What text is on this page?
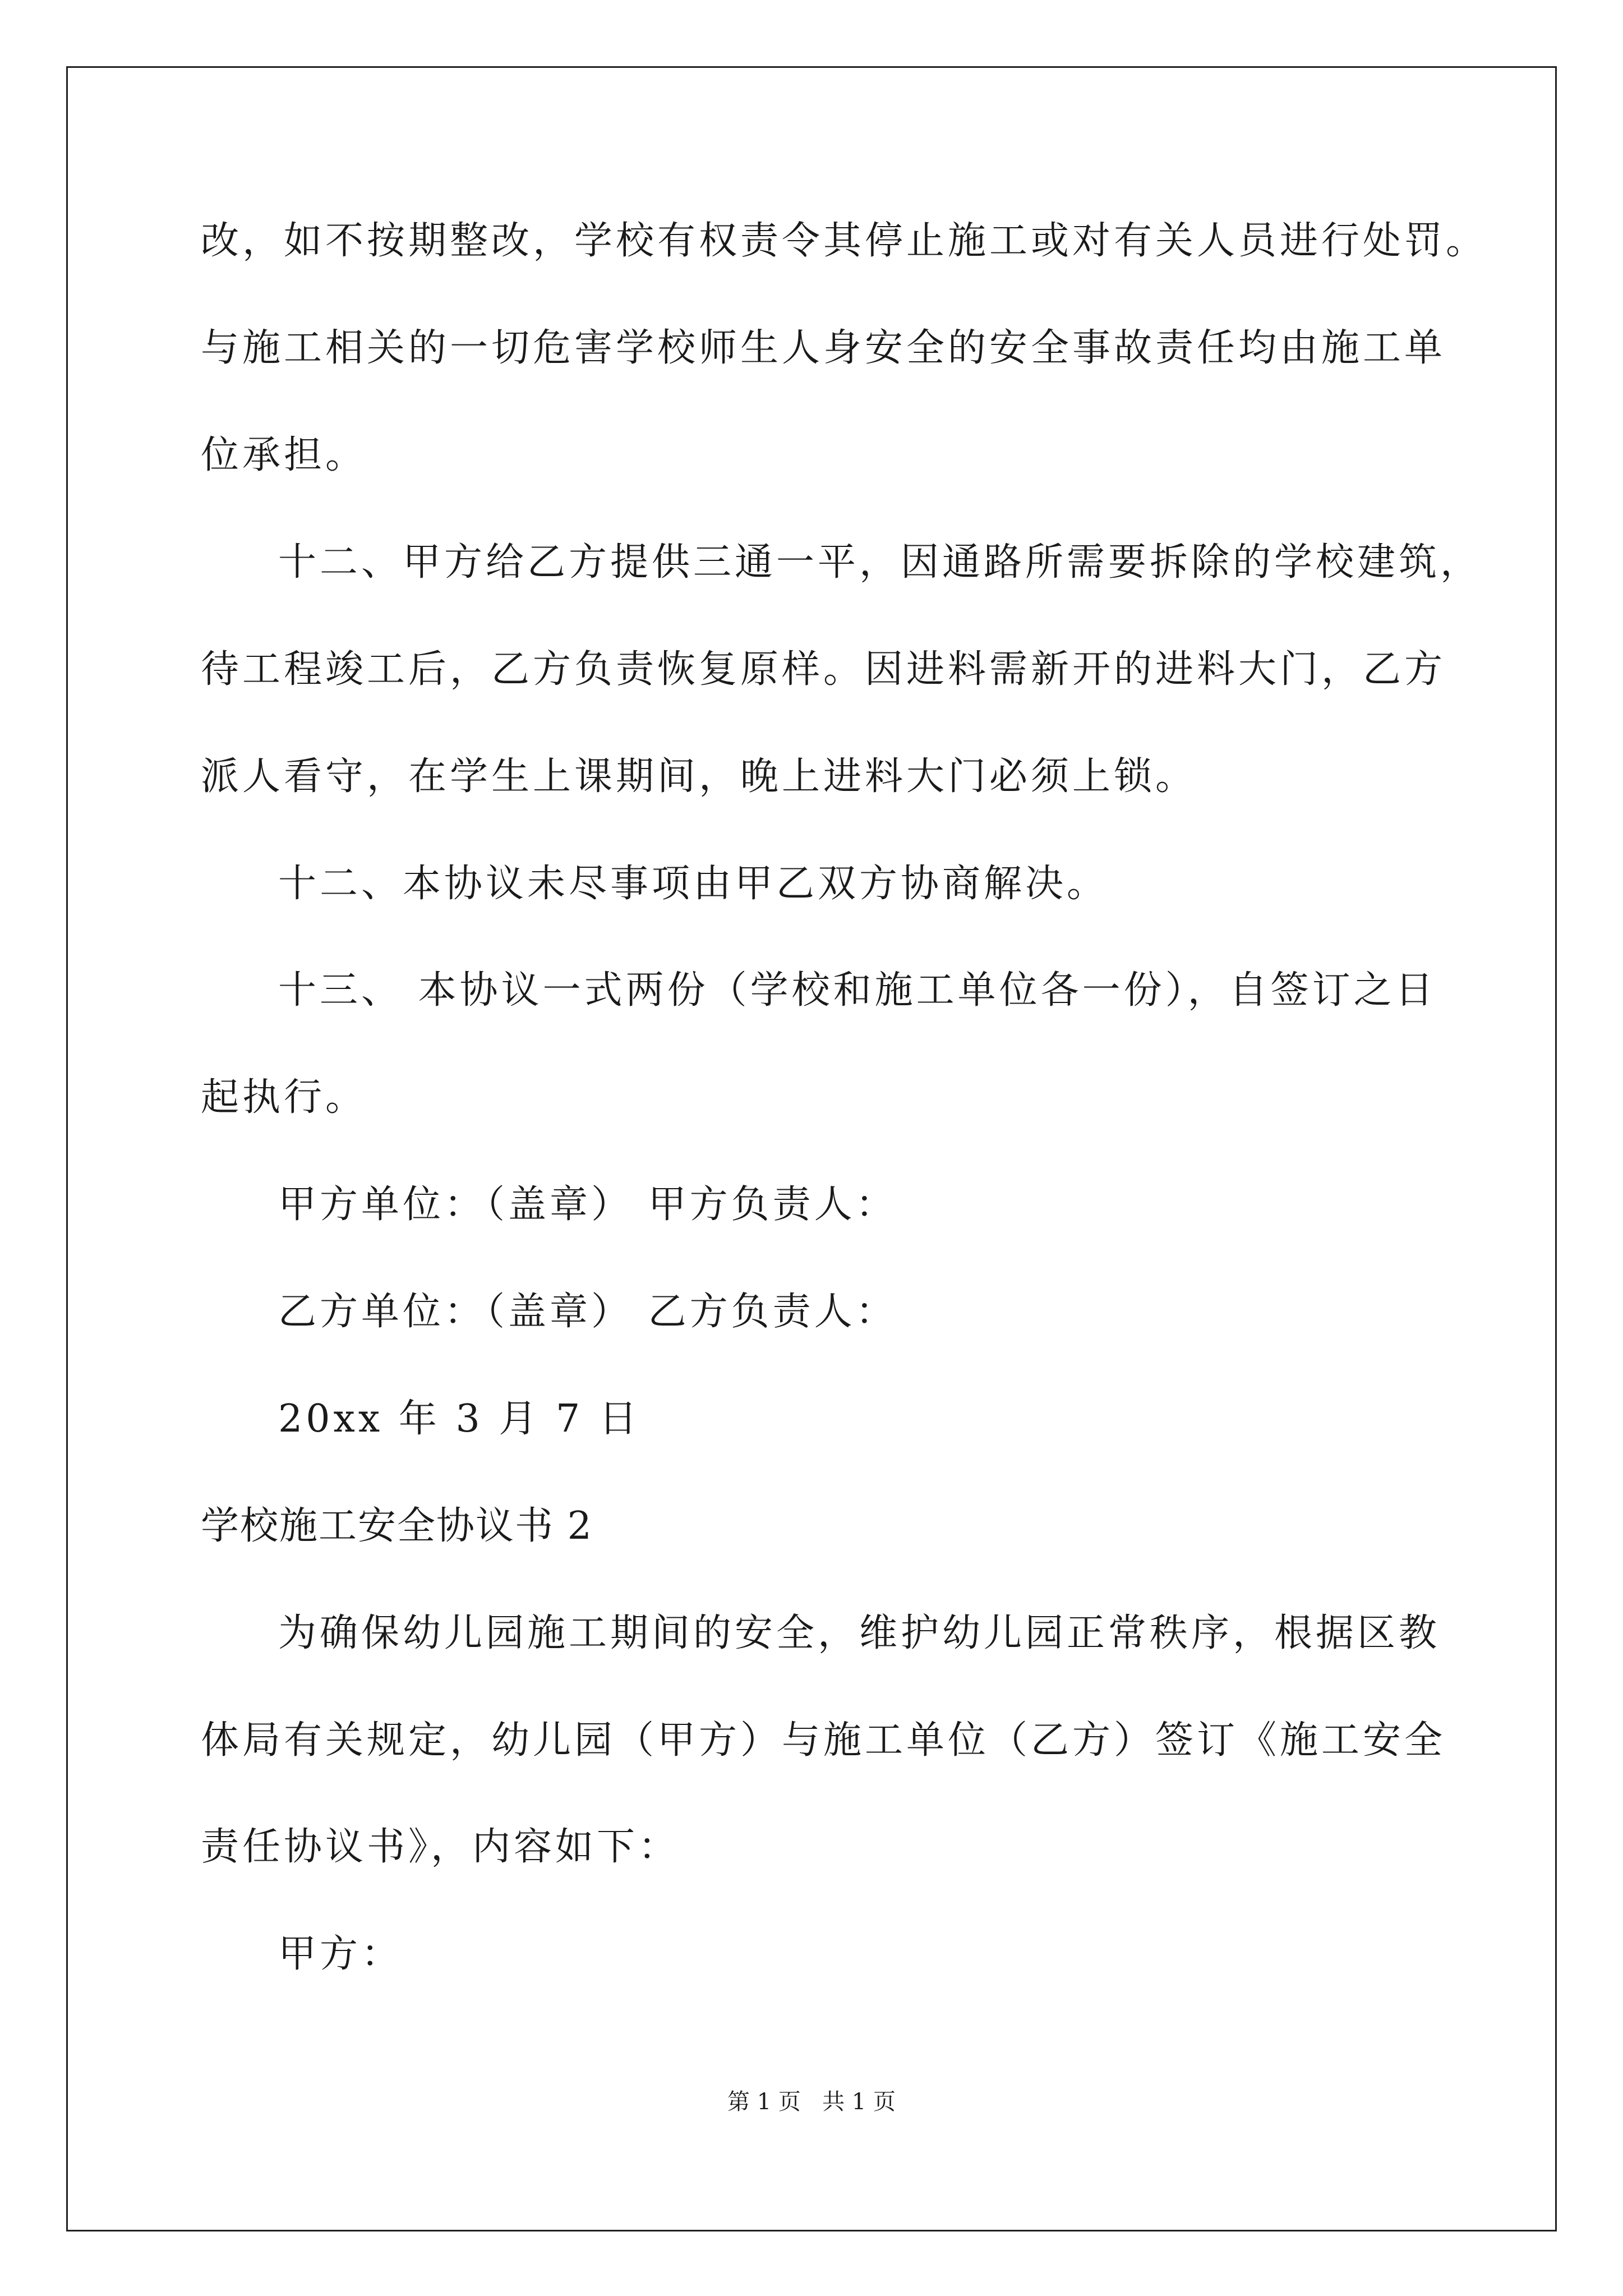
改，如不按期整改，学校有权责令其停止施工或对有关人员进行处罚。
与施工相关的一切危害学校师生人身安全的安全事故责任均由施工单
位承担。
十二、甲方给乙方提供三通一平，因通路所需要拆除的学校建筑，
待工程竣工后，乙方负责恢复原样。因进料需新开的进料大门，乙方
派人看守，在学生上课期间，晚上进料大门必须上锁。
十二、本协议未尽事项由甲乙双方协商解决。
十三、 本协议一式两份（学校和施工单位各一份），自签订之日
起执行。
甲方单位：（盖章） 甲方负责人：
乙方单位：（盖章） 乙方负责人：
20xx 年 3 月 7 日
学校施工安全协议书 2
为确保幼儿园施工期间的安全，维护幼儿园正常秩序，根据区教
体局有关规定，幼儿园（甲方）与施工单位（乙方）签订《施工安全
责任协议书》，内容如下：
甲方：
第 1 页   共 1 页
